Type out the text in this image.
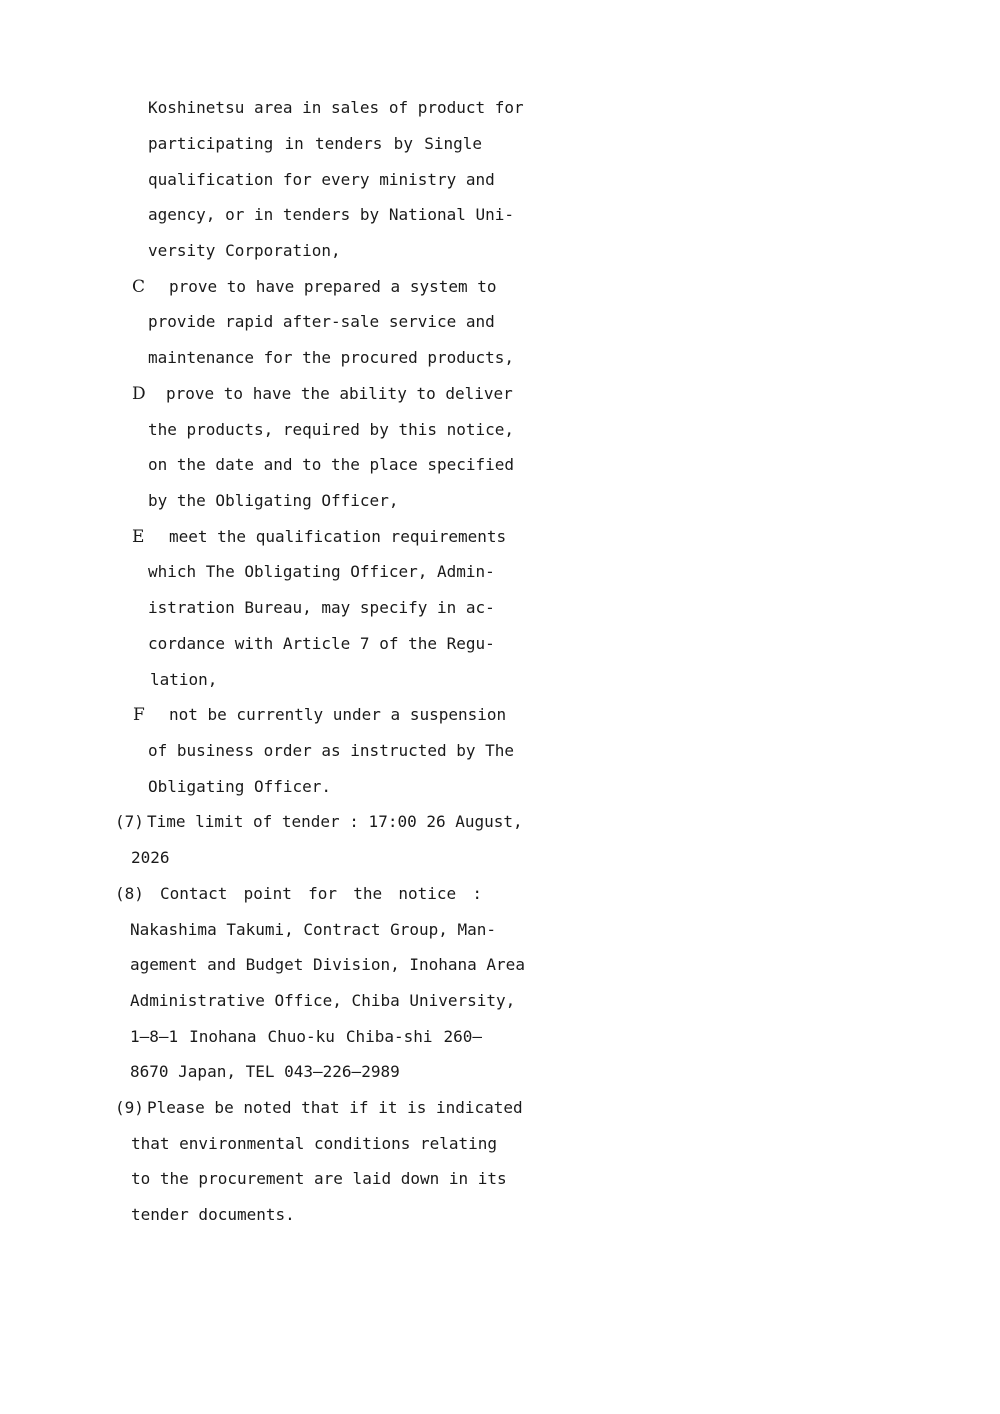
Koshinetsu area in sales of product for
participating in tenders by Single
qualification for every ministry and
agency, or in tenders by National Uni-
versity Corporation,
C	prove to have prepared a system to
provide rapid after-sale service and
maintenance for the procured products,
D	prove to have the ability to deliver
the products, required by this notice,
on the date and to the place specified
by the Obligating Officer,
E	meet the qualification requirements
which The Obligating Officer, Admin-
istration Bureau, may specify in ac-
cordance with Article 7 of the Regu-
lation,
F	not be currently under a suspension
of business order as instructed by The
Obligating Officer.
(7) Time limit of tender : 17:00 26 August,
2026
(8) Contact point for the notice :
Nakashima Takumi, Contract Group, Man-
agement and Budget Division, Inohana Area
Administrative Office, Chiba University,
1—8—1 Inohana Chuo-ku Chiba-shi 260—
8670 Japan, TEL 043—226—2989
(9) Please be noted that if it is indicated
that environmental conditions relating
to the procurement are laid down in its
tender documents.
